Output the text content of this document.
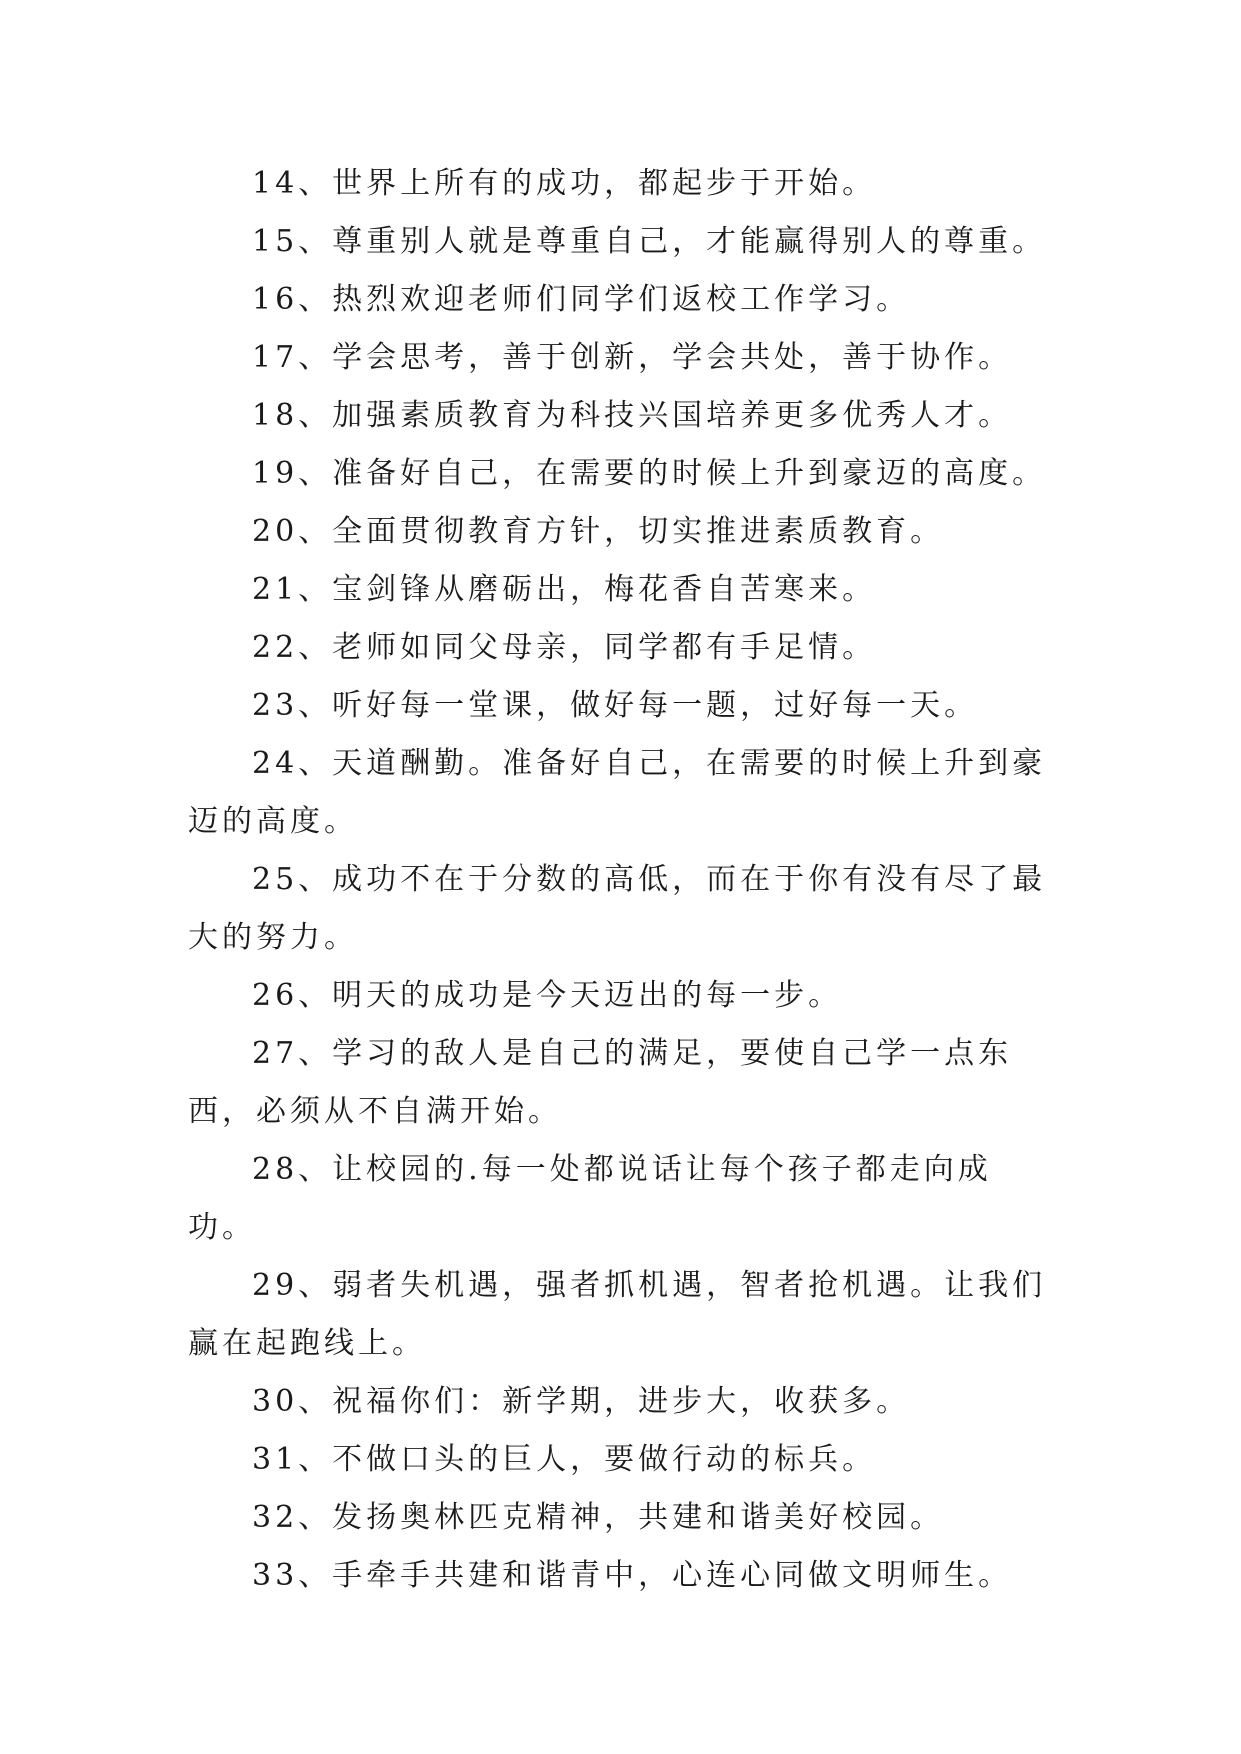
14、世界上所有的成功，都起步于开始。

15、尊重别人就是尊重自己，才能赢得别人的尊重。

16、热烈欢迎老师们同学们返校工作学习。

17、学会思考，善于创新，学会共处，善于协作。

18、加强素质教育为科技兴国培养更多优秀人才。

19、准备好自己，在需要的时候上升到豪迈的高度。

20、全面贯彻教育方针，切实推进素质教育。

21、宝剑锋从磨砺出，梅花香自苦寒来。

22、老师如同父母亲，同学都有手足情。

23、听好每一堂课，做好每一题，过好每一天。

24、天道酬勤。准备好自己，在需要的时候上升到豪迈的高度。

25、成功不在于分数的高低，而在于你有没有尽了最大的努力。

26、明天的成功是今天迈出的每一步。

27、学习的敌人是自己的满足，要使自己学一点东西，必须从不自满开始。

28、让校园的.每一处都说话让每个孩子都走向成功。

29、弱者失机遇，强者抓机遇，智者抢机遇。让我们赢在起跑线上。

30、祝福你们：新学期，进步大，收获多。

31、不做口头的巨人，要做行动的标兵。

32、发扬奥林匹克精神，共建和谐美好校园。

33、手牵手共建和谐青中，心连心同做文明师生。
